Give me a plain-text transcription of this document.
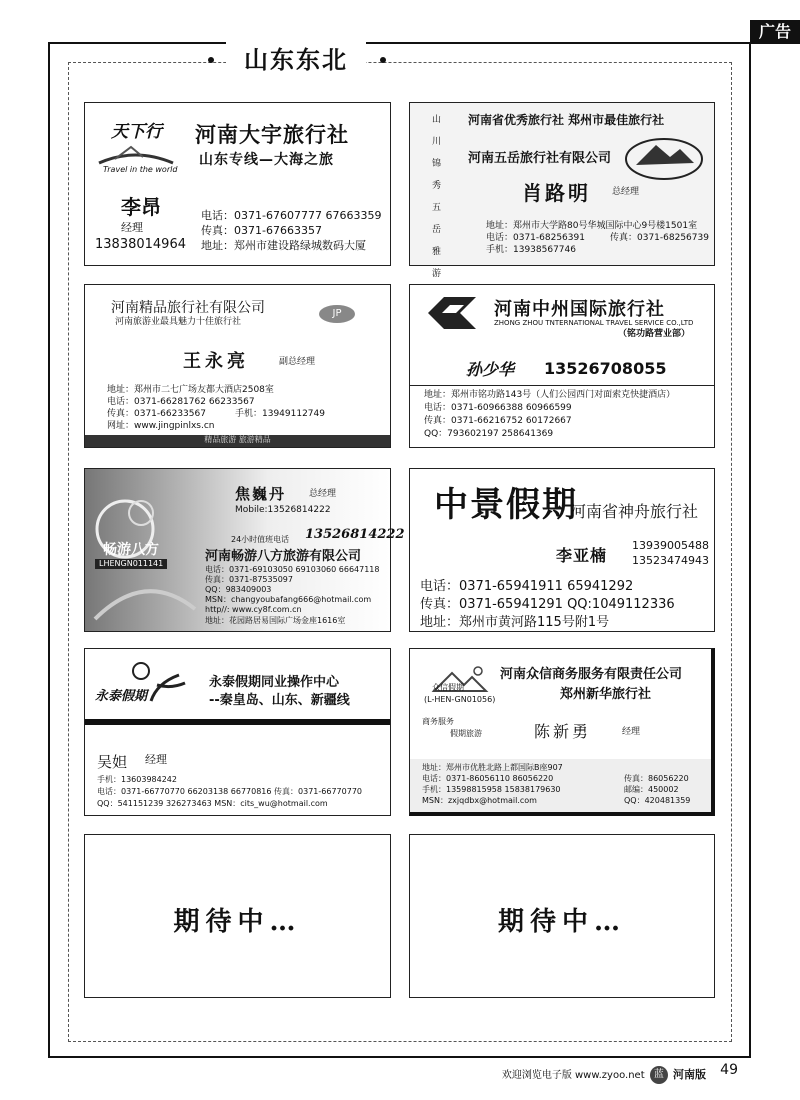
广告
山东东北
天下行
Travel in the world
河南大宇旅行社
山东专线—大海之旅
李昂
经理
13838014964
电话：0371-67607777 67663359
传真：0371-67663357
地址：郑州市建设路绿城数码大厦
山川锦秀五岳雅游
河南省优秀旅行社 郑州市最佳旅行社
河南五岳旅行社有限公司
肖路明 总经理
地址：郑州市大学路80号华城国际中心9号楼1501室
电话：0371-68256391	传真：0371-68256739
手机：13938567746
河南精品旅行社有限公司
河南旅游业最具魅力十佳旅行社
JP
王永亮	副总经理
地址：郑州市二七广场友都大酒店2508室
电话：0371-66281762 66233567
传真：0371-66233567	手机：13949112749
网址：www.jingpinlxs.cn
精品旅游 旅游精品
河南中州国际旅行社
ZHONG ZHOU TNTERNATIONAL TRAVEL SERVICE CO.,LTD
（铭功路营业部）
孙少华 13526708055
地址：郑州市铭功路143号（人们公园西门对面索克快捷酒店）
电话：0371-60966388 60966599
传真：0371-66216752 60172667
QQ：793602197 258641369
焦巍丹	总经理
Mobile:13526814222
24小时值班电话 13526814222
畅游八方
LHENGN011141	河南畅游八方旅游有限公司
电话：0371-69103050 69103060 66647118
传真：0371-87535097
QQ：983409003
MSN：changyoubafang666@hotmail.com
http//: www.cy8f.com.cn
地址：花园路居易国际广场金座1616室
中景假期
河南省神舟旅行社
李亚楠
13939005488
13523474943
电话：0371-65941911 65941292
传真：0371-65941291 QQ:1049112336
地址：郑州市黄河路115号附1号
永泰假期
永泰假期同业操作中心
--秦皇岛、山东、新疆线
吴妲 经理
手机：13603984242
电话：0371-66770770 66203138 66770816 传真：0371-66770770
QQ：541151239 326273463 MSN：cits_wu@hotmail.com
河南众信商务服务有限责任公司
郑州新华旅行社
众信假期
(L-HEN-GN01056)
商务服务
假期旅游	陈新勇	经理
地址：郑州市优胜北路上都国际B座907
电话：0371-86056110 86056220	传真：86056220
手机：13598815958 15838179630	邮编：450002
MSN：zxjqdbx@hotmail.com	QQ：420481359
期待中…	期待中…
欢迎浏览电子版 www.zyoo.net 蓝 河南版 49
